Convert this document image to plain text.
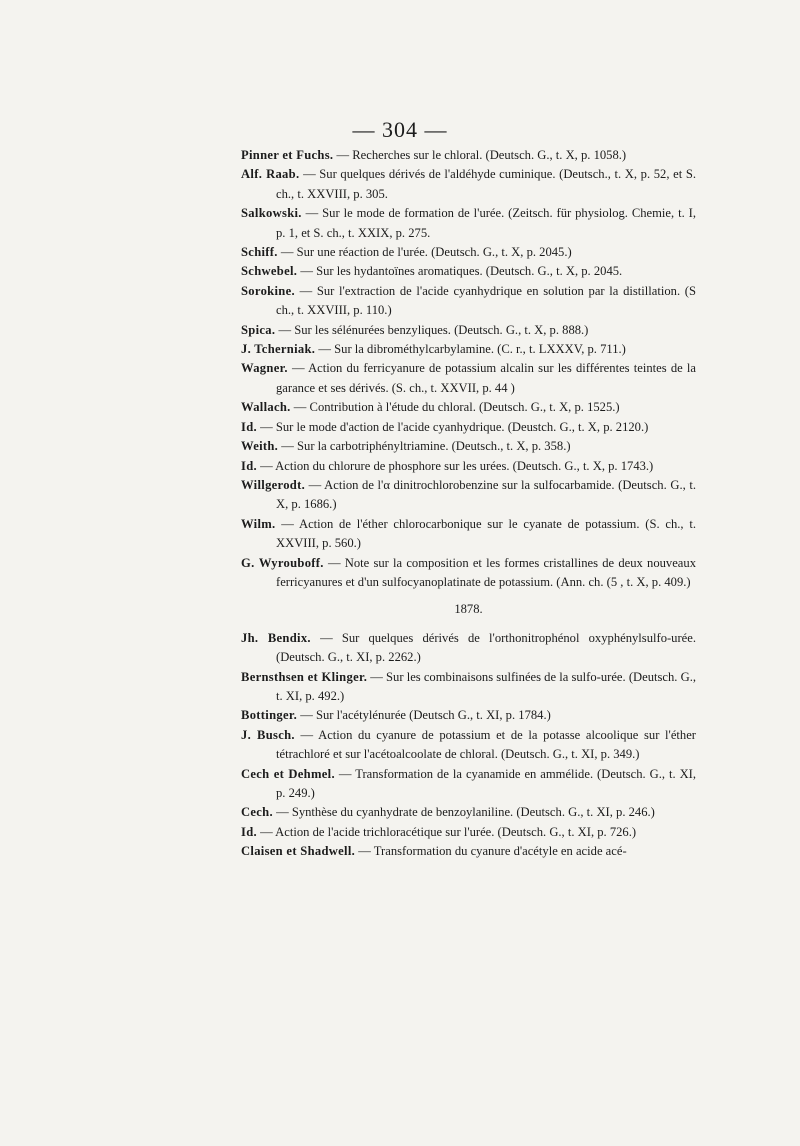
— 304 —
Pinner et Fuchs. — Recherches sur le chloral. (Deutsch. G., t. X, p. 1058.)
Alf. Raab. — Sur quelques dérivés de l'aldéhyde cuminique. (Deutsch., t. X, p. 52, et S. ch., t. XXVIII, p. 305.
Salkowski. — Sur le mode de formation de l'urée. (Zeitsch. für physiolog. Chemie, t. I, p. 1, et S. ch., t. XXIX, p. 275.
Schiff. — Sur une réaction de l'urée. (Deutsch. G., t. X, p. 2045.)
Schwebel. — Sur les hydantoïnes aromatiques. (Deutsch. G., t. X, p. 2045.
Sorokine. — Sur l'extraction de l'acide cyanhydrique en solution par la distillation. (S ch., t. XXVIII, p. 110.)
Spica. — Sur les sélénurées benzyliques. (Deutsch. G., t. X, p. 888.)
J. Tcherniak. — Sur la dibrométhylcarbylamine. (C. r., t. LXXXV, p. 711.)
Wagner. — Action du ferricyanure de potassium alcalin sur les différentes teintes de la garance et ses dérivés. (S. ch., t. XXVII, p. 44 )
Wallach. — Contribution à l'étude du chloral. (Deutsch. G., t. X, p. 1525.)
Id. — Sur le mode d'action de l'acide cyanhydrique. (Deustch. G., t. X, p. 2120.)
Weith. — Sur la carbotriphényltriamine. (Deutsch., t. X, p. 358.)
Id. — Action du chlorure de phosphore sur les urées. (Deutsch. G., t. X, p. 1743.)
Willgerodt. — Action de l'α dinitrochlorobenzine sur la sulfocarbamide. (Deutsch. G., t. X, p. 1686.)
Wilm. — Action de l'éther chlorocarbonique sur le cyanate de potassium. (S. ch., t. XXVIII, p. 560.)
G. Wyrouboff. — Note sur la composition et les formes cristallines de deux nouveaux ferricyanures et d'un sulfocyanoplatinate de potassium. (Ann. ch. (5 , t. X, p. 409.)
1878.
Jh. Bendix. — Sur quelques dérivés de l'orthonitrophénol oxyphénylsulfo-urée. (Deutsch. G., t. XI, p. 2262.)
Bernsthsen et Klinger. — Sur les combinaisons sulfinées de la sulfo-urée. (Deutsch. G., t. XI, p. 492.)
Bottinger. — Sur l'acétylénurée (Deutsch G., t. XI, p. 1784.)
J. Busch. — Action du cyanure de potassium et de la potasse alcoolique sur l'éther tétrachloré et sur l'acétoalcoolate de chloral. (Deutsch. G., t. XI, p. 349.)
Cech et Dehmel. — Transformation de la cyanamide en ammélide. (Deutsch. G., t. XI, p. 249.)
Cech. — Synthèse du cyanhydrate de benzoylaniline. (Deutsch. G., t. XI, p. 246.)
Id. — Action de l'acide trichloracétique sur l'urée. (Deutsch. G., t. XI, p. 726.)
Claisen et Shadwell. — Transformation du cyanure d'acétyle en acide acé-
